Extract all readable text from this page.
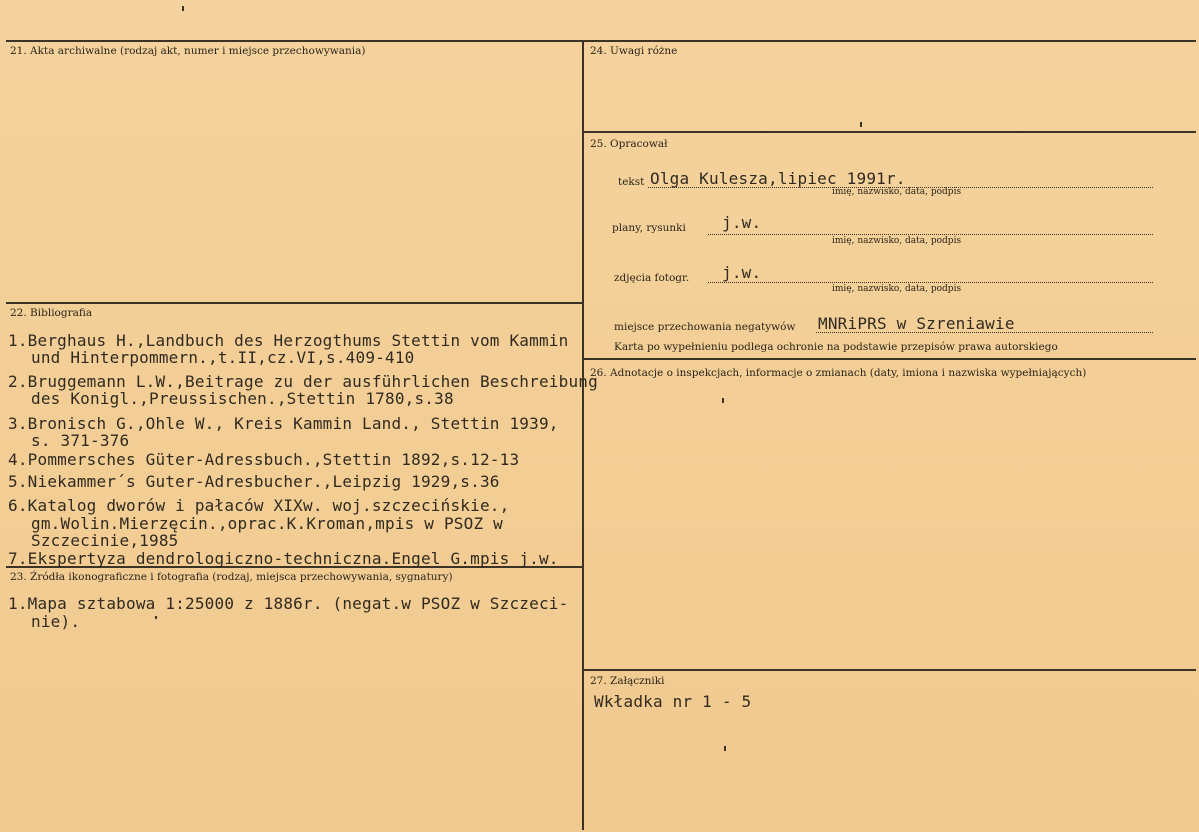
21. Akta archiwalne (rodzaj akt, numer i miejsce przechowywania)
22. Bibliografia
1.Berghaus H.,Landbuch des Herzogthums Stettin vom Kammin
und Hinterpommern.,t.II,cz.VI,s.409-410
2.Bruggemann L.W.,Beitrage zu der ausführlichen Beschreibung
des Konigl.,Preussischen.,Stettin 1780,s.38
3.Bronisch G.,Ohle W., Kreis Kammin Land., Stettin 1939,
s. 371-376
4.Pommersches Güter-Adressbuch.,Stettin 1892,s.12-13
5.Niekammer´s Guter-Adresbucher.,Leipzig 1929,s.36
6.Katalog dworów i pałaców XIXw. woj.szczecińskie.,
gm.Wolin.Mierzęcin.,oprac.K.Kroman,mpis w PSOZ w
Szczecinie,1985
7.Ekspertyza dendrologiczno-techniczna.Engel G.mpis j.w.
23. Źródła ikonograficzne i fotografia (rodzaj, miejsca przechowywania, sygnatury)
1.Mapa sztabowa 1:25000 z 1886r. (negat.w PSOZ w Szczeci-
nie).
24. Uwagi różne
25. Opracował
tekst Olga Kulesza,lipiec 1991r.
imię, nazwisko, data, podpis
plany, rysunki j.w.
imię, nazwisko, data, podpis
zdjęcia fotogr. j.w.
imię, nazwisko, data, podpis
miejsce przechowania negatywów MNRiPRS w Szreniawie
Karta po wypełnieniu podlega ochronie na podstawie przepisów prawa autorskiego
26. Adnotacje o inspekcjach, informacje o zmianach (daty, imiona i nazwiska wypełniających)
27. Załączniki
Wkładka nr 1 - 5
